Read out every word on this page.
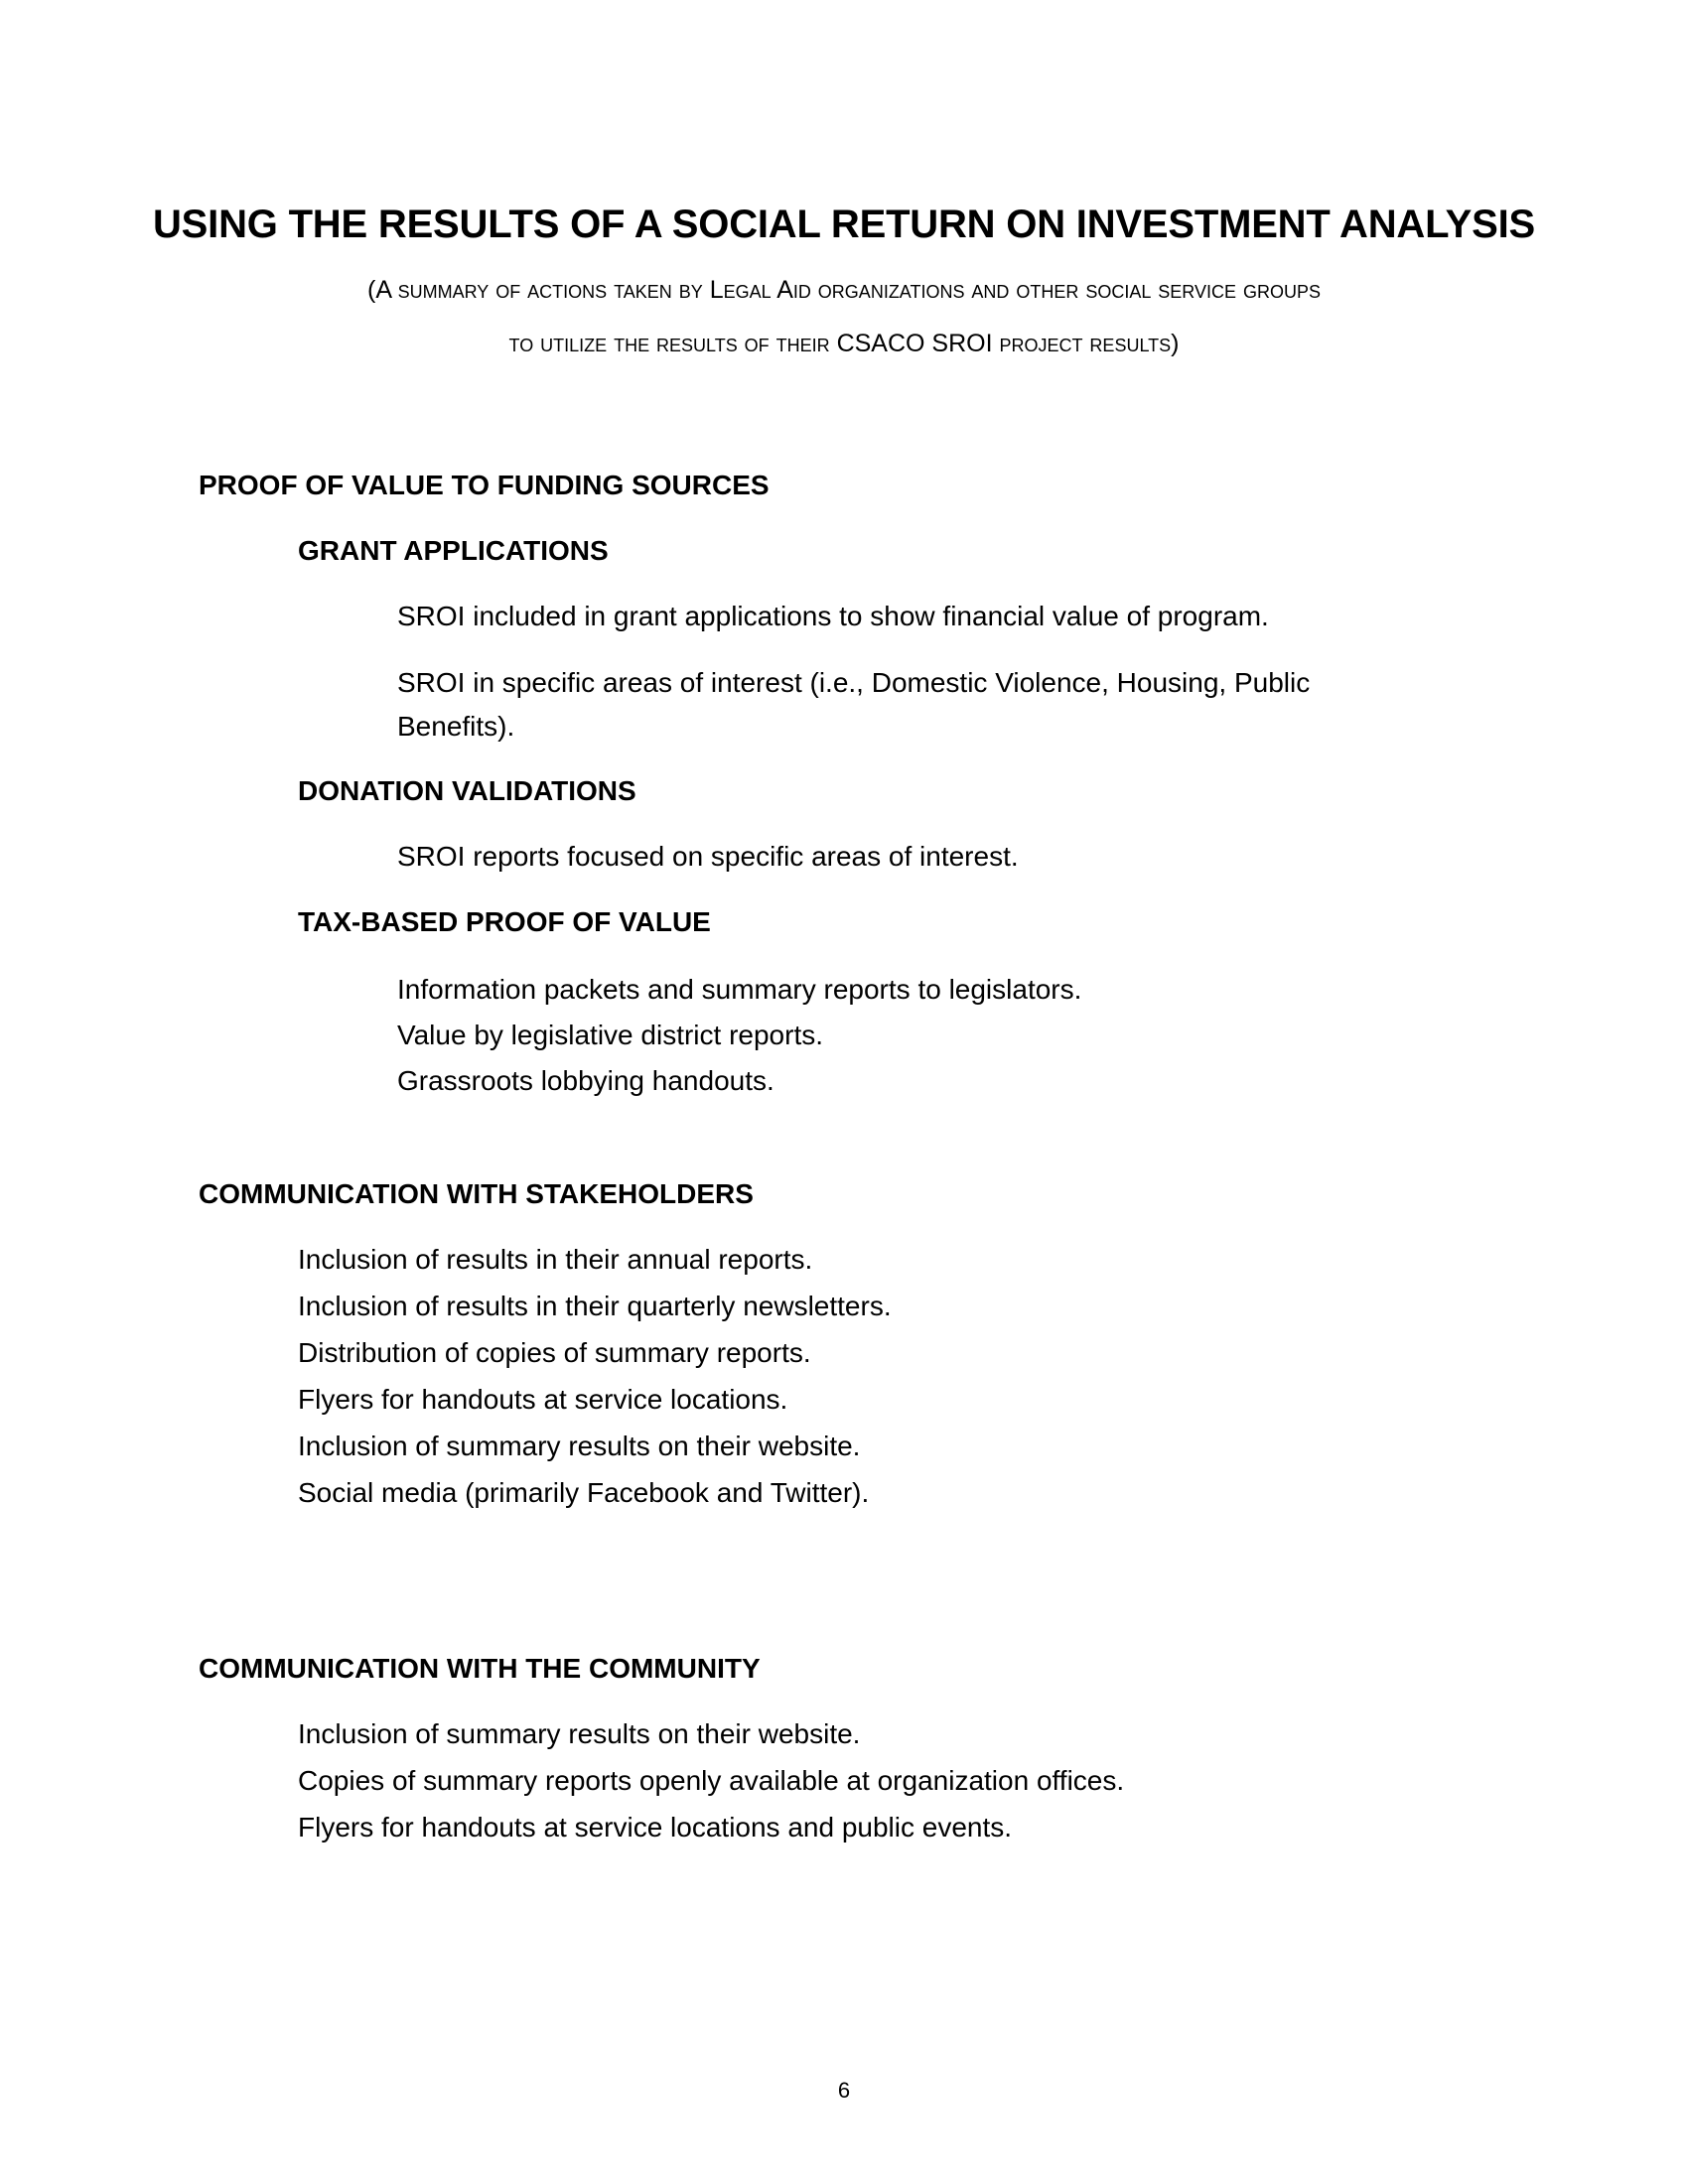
USING THE RESULTS OF A SOCIAL RETURN ON INVESTMENT ANALYSIS
(A summary of actions taken by Legal Aid organizations and other social service groups
to utilize the results of their CSACO SROI project results)
PROOF OF VALUE TO FUNDING SOURCES
GRANT APPLICATIONS
SROI included in grant applications to show financial value of program.
SROI in specific areas of interest (i.e., Domestic Violence, Housing, Public Benefits).
DONATION VALIDATIONS
SROI reports focused on specific areas of interest.
TAX-BASED PROOF OF VALUE
Information packets and summary reports to legislators.
Value by legislative district reports.
Grassroots lobbying handouts.
COMMUNICATION WITH STAKEHOLDERS
Inclusion of results in their annual reports.
Inclusion of results in their quarterly newsletters.
Distribution of copies of summary reports.
Flyers for handouts at service locations.
Inclusion of summary results on their website.
Social media (primarily Facebook and Twitter).
COMMUNICATION WITH THE COMMUNITY
Inclusion of summary results on their website.
Copies of summary reports openly available at organization offices.
Flyers for handouts at service locations and public events.
6
